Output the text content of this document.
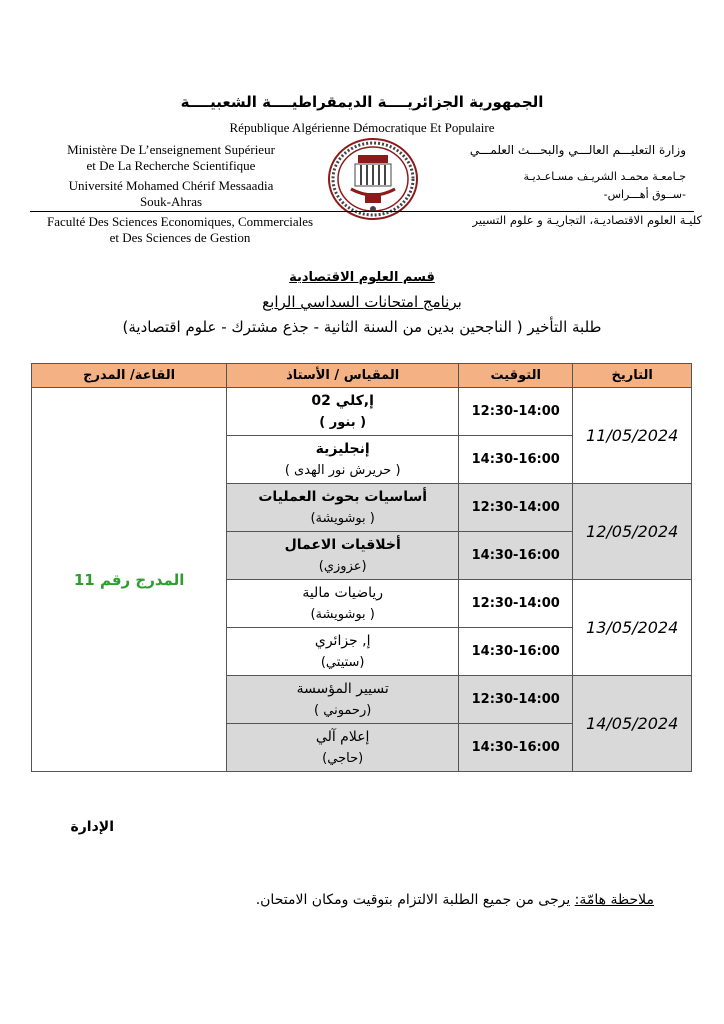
الجمهورية الجزائريــــة الديمقراطيــــة الشعبيــــة
République Algérienne Démocratique Et Populaire
Ministère De L’enseignement Supérieur
et De La Recherche Scientifique
Université Mohamed Chérif Messaadia
Souk-Ahras
وزارة التعليـــم العالـــي والبحـــث العلمـــي
جـامعـة محمـد الشريـف مسـاعـديـة
-ســوق أهـــراس-
Faculté Des Sciences Economiques, Commerciales
et Des Sciences de Gestion
كليـة العلوم الاقتصاديـة، التجاريـة و علوم التسيير
قسم العلوم الاقتصادية
برنامج امتحانات السداسي الرابع
طلبة التأخير ( الناجحين بدين من السنة الثانية - جذع مشترك - علوم اقتصادية)
التاريخ	التوقيت	المقياس / الأستاذ	القاعة/ المدرج
11/05/2024	12:30-14:00	إ,كلي 02
( بنور )	المدرج رقم 11
	14:30-16:00	إنجليزية
( حريرش نور الهدى )	

12/05/2024	12:30-14:00	أساسيات بحوث العمليات
( بوشويشة)	

	14:30-16:00	أخلاقيات الاعمال
(عزوزي)	

13/05/2024	12:30-14:00	رياضيات مالية
( بوشويشة)	

	14:30-16:00	إ, جزائري
(ستيتي)	

14/05/2024	12:30-14:00	تسيير المؤسسة
(رحموني )	

	14:30-16:00	إعلام آلي
(حاجي)	
الإدارة
ملاحظة هامّة: يرجى من جميع الطلبة الالتزام بتوقيت ومكان الامتحان.
